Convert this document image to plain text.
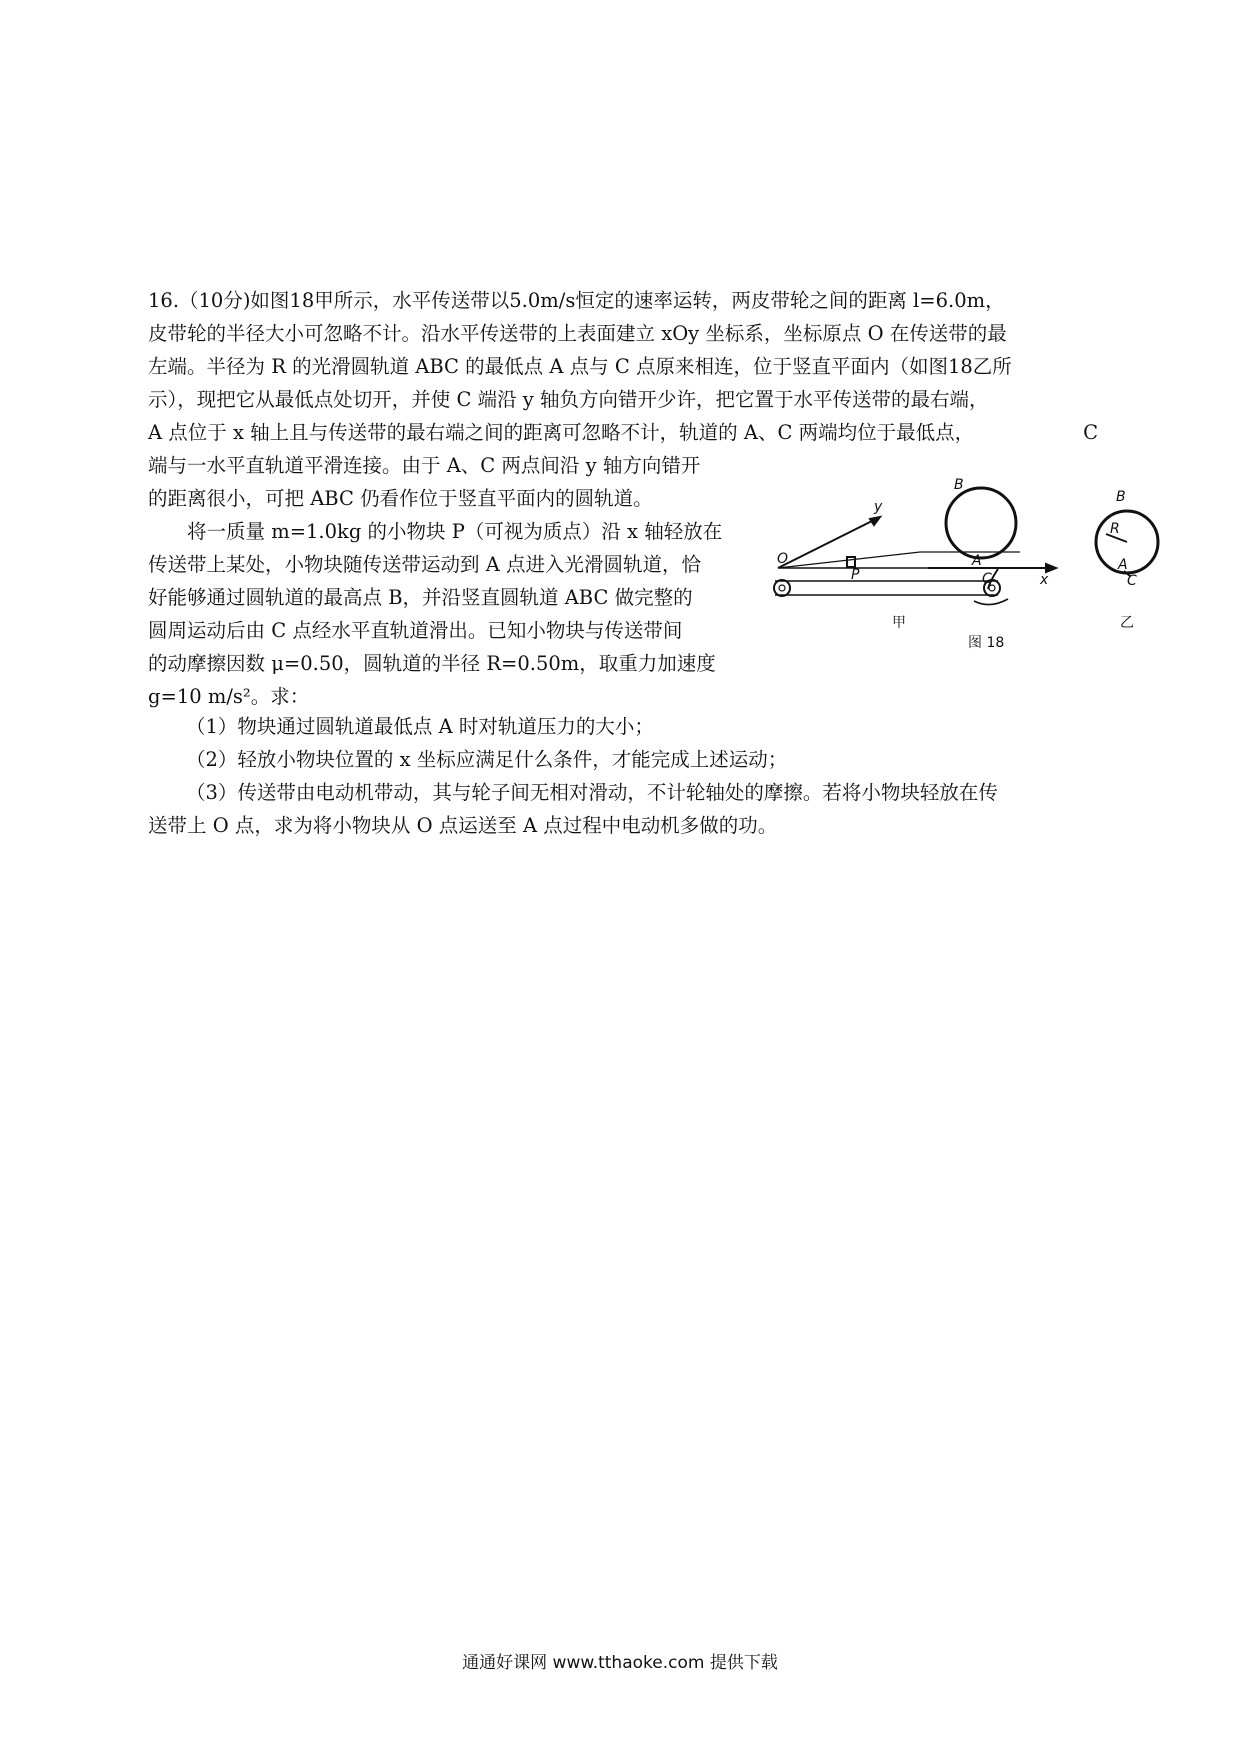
16.（10分)如图18甲所示，水平传送带以5.0m/s恒定的速率运转，两皮带轮之间的距离 l=6.0m，
皮带轮的半径大小可忽略不计。沿水平传送带的上表面建立 xOy 坐标系，坐标原点 O 在传送带的最
左端。半径为 R 的光滑圆轨道 ABC 的最低点 A 点与 C 点原来相连，位于竖直平面内（如图18乙所
示），现把它从最低点处切开，并使 C 端沿 y 轴负方向错开少许，把它置于水平传送带的最右端，
A 点位于 x 轴上且与传送带的最右端之间的距离可忽略不计，轨道的 A、C 两端均位于最低点，	C
端与一水平直轨道平滑连接。由于 A、C 两点间沿 y 轴方向错开
的距离很小，可把 ABC 仍看作位于竖直平面内的圆轨道。
　　将一质量 m=1.0kg 的小物块 P（可视为质点）沿 x 轴轻放在
传送带上某处，小物块随传送带运动到 A 点进入光滑圆轨道，恰
好能够通过圆轨道的最高点 B，并沿竖直圆轨道 ABC 做完整的
圆周运动后由 C 点经水平直轨道滑出。已知小物块与传送带间
的动摩擦因数 μ=0.50，圆轨道的半径 R=0.50m，取重力加速度
g=10 m/s²。求：
（1）物块通过圆轨道最低点 A 时对轨道压力的大小；
（2）轻放小物块位置的 x 坐标应满足什么条件，才能完成上述运动；
（3）传送带由电动机带动，其与轮子间无相对滑动，不计轮轴处的摩擦。若将小物块轻放在传
送带上 O 点，求为将小物块从 O 点运送至 A 点过程中电动机多做的功。
y
O
P
B
A
C	x
B
R
A
C
甲	乙
图 18
通通好课网 www.tthaoke.com 提供下载
